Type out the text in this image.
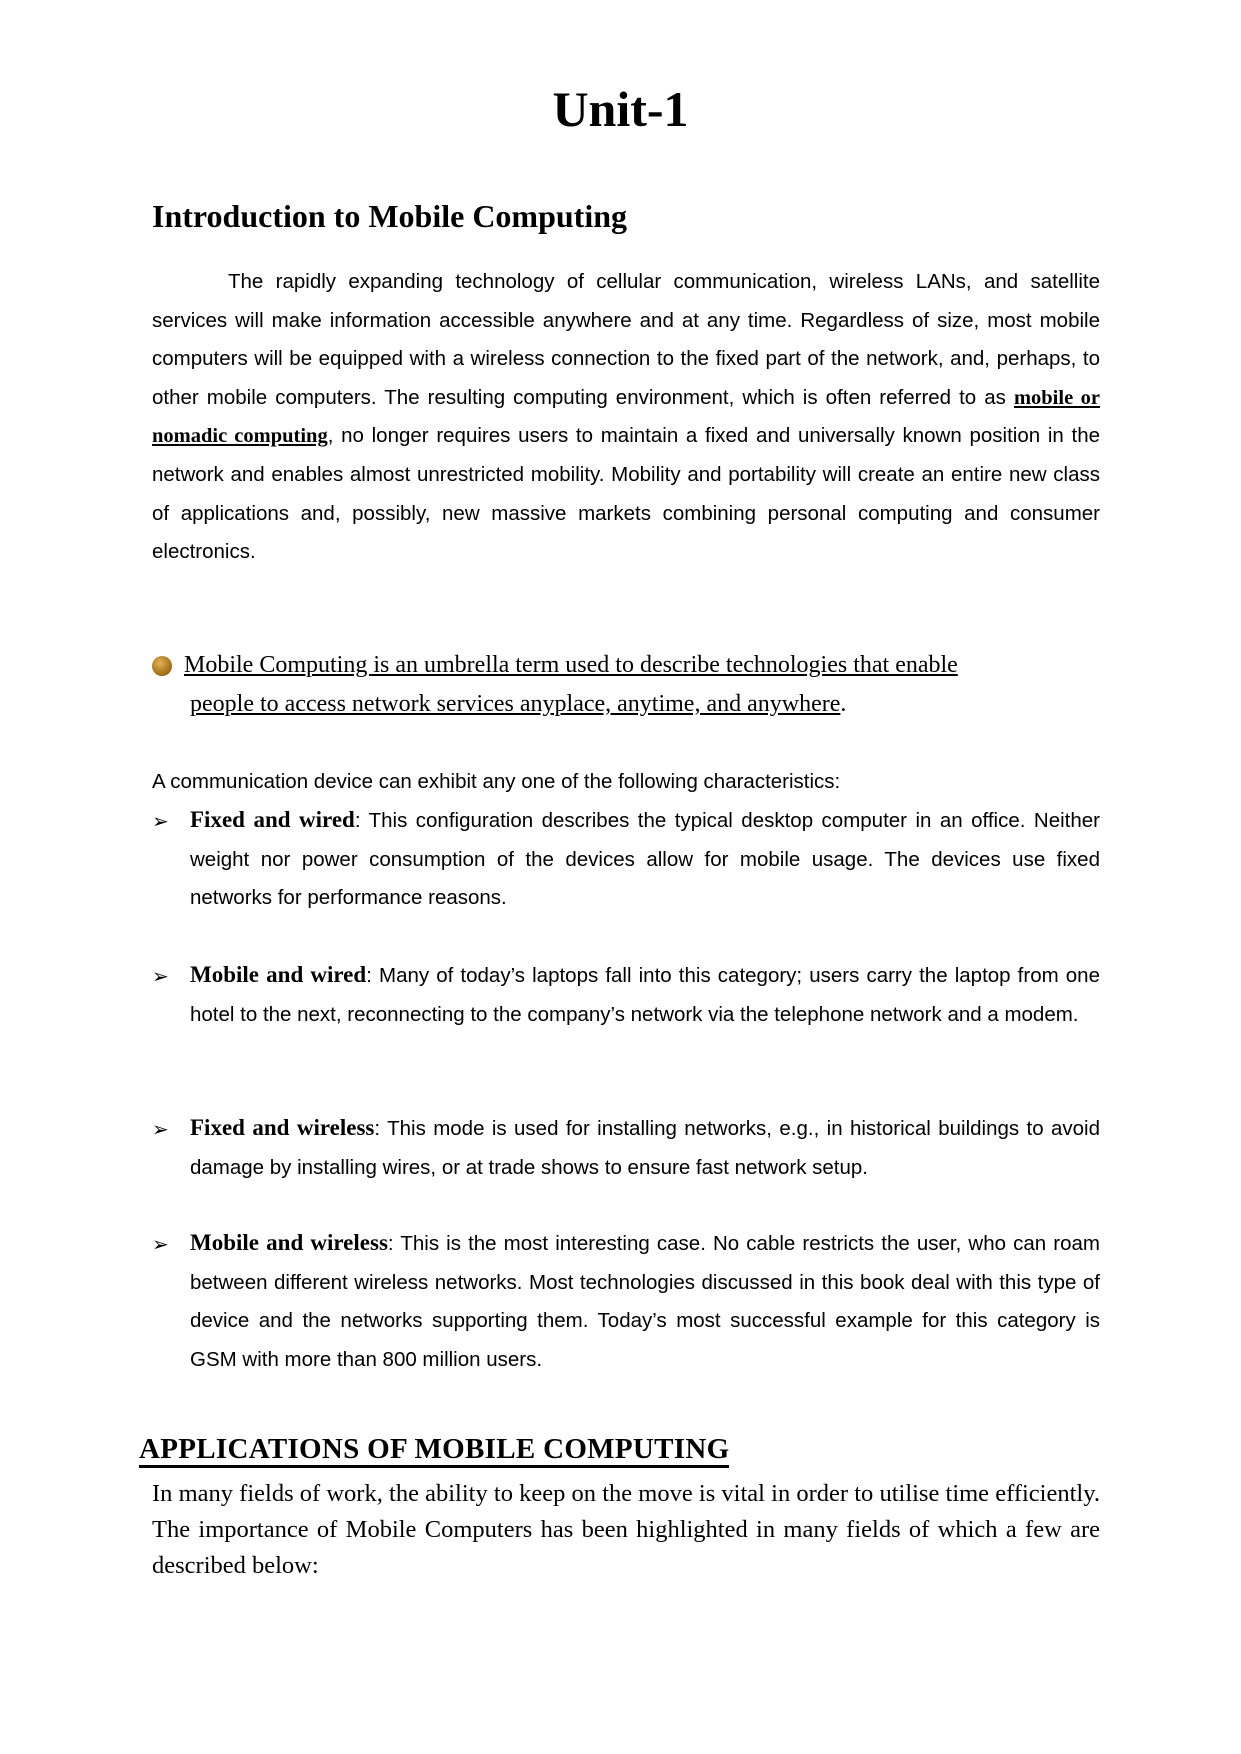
Unit-1
Introduction to Mobile Computing
The rapidly expanding technology of cellular communication, wireless LANs, and satellite services will make information accessible anywhere and at any time. Regardless of size, most mobile computers will be equipped with a wireless connection to the fixed part of the network, and, perhaps, to other mobile computers. The resulting computing environment, which is often referred to as mobile or nomadic computing, no longer requires users to maintain a fixed and universally known position in the network and enables almost unrestricted mobility. Mobility and portability will create an entire new class of applications and, possibly, new massive markets combining personal computing and consumer electronics.
Mobile Computing is an umbrella term used to describe technologies that enable
people to access network services anyplace, anytime, and anywhere.
A communication device can exhibit any one of the following characteristics:
➢ Fixed and wired: This configuration describes the typical desktop computer in an office. Neither weight nor power consumption of the devices allow for mobile usage. The devices use fixed networks for performance reasons.
➢ Mobile and wired: Many of today’s laptops fall into this category; users carry the laptop from one hotel to the next, reconnecting to the company’s network via the telephone network and a modem.
➢ Fixed and wireless: This mode is used for installing networks, e.g., in historical buildings to avoid damage by installing wires, or at trade shows to ensure fast network setup.
➢ Mobile and wireless: This is the most interesting case. No cable restricts the user, who can roam between different wireless networks. Most technologies discussed in this book deal with this type of device and the networks supporting them. Today’s most successful example for this category is GSM with more than 800 million users.
APPLICATIONS OF MOBILE COMPUTING
In many fields of work, the ability to keep on the move is vital in order to utilise time efficiently. The importance of Mobile Computers has been highlighted in many fields of which a few are described below:
